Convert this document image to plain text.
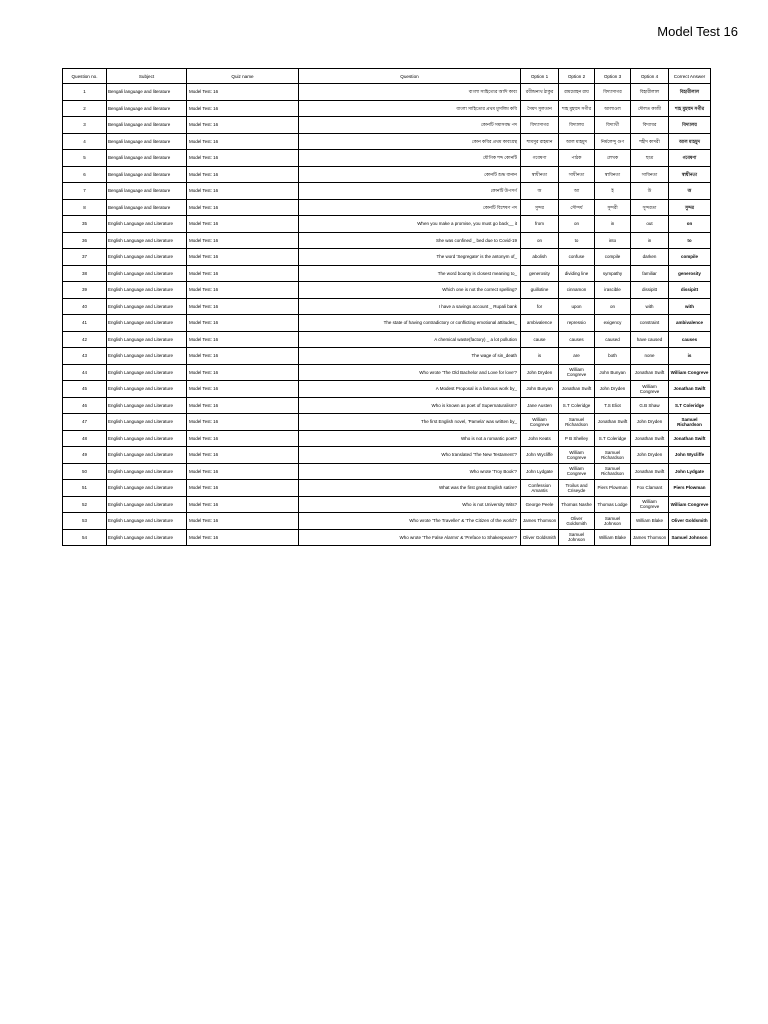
Model Test 16
Question no.	Subject	Quiz name	Question	Option 1	Option 2	Option 3	Option 4	Correct Answer
1	Bengali language and literature	Model Test: 16	বাংলা সাহিত্যের আদি কাব্য	রবীন্দ্রনাথ ঠাকুর	রামমোহন রায়	বিদ্যাসাগর	বিহারীলাল	বিহারীলাল
2	Bengali language and literature	Model Test: 16	বাংলা সাহিত্যের প্রথম মুসলিম কবি	সৈয়দ সুলতান	শাহ মুহম্মদ সগীর	আলাওল	দৌলত কাজী	শাহ মুহম্মদ সগীর
3	Bengali language and literature	Model Test: 16	কোনটি সমাসবদ্ধ পদ	বিদ্যাসাগর	বিদ্যালয়	বিদ্যার্থী	বিদ্যাধর	বিদ্যালয়
4	Bengali language and literature	Model Test: 16	কোন কবির প্রথম কাব্যগ্রন্থ	শামসুর রাহমান	আল মাহমুদ	নির্মলেন্দু গুণ	শহীদ কাদরী	আল মাহমুদ
5	Bengali language and literature	Model Test: 16	যৌগিক শব্দ কোনটি	গবেষণা	পাঠক	লেখক	ছাত্র	গবেষণা
6	Bengali language and literature	Model Test: 16	কোনটি শুদ্ধ বানান	স্বাধীনতা	সাধীনতা	স্বাধিনতা	সাধিনতা	স্বাধীনতা
7	Bengali language and literature	Model Test: 16	কোনটি উপসর্গ	অ	আ	ই	উ	অ
8	Bengali language and literature	Model Test: 16	কোনটি বিশেষণ পদ	সুন্দর	সৌন্দর্য	সুন্দরী	সুন্দরতা	সুন্দর
35	English Language and Literature	Model Test: 16	When you make a promise, you must go back__ it	from	on	in	out	on
36	English Language and Literature	Model Test: 16	She was confined _ bed due to Covid-19	on	to	into	in	to
37	English Language and Literature	Model Test: 16	The word 'Segregate' is the antonym of_	abolish	confuse	compile	darken	compile
38	English Language and Literature	Model Test: 16	The word bounty is closest meaning to_	generosity	dividing line	sympathy	familiar	generosity
39	English Language and Literature	Model Test: 16	Which one is not the correct spelling?	guillotine	cinnamon	irascible	dissipitt	dissipitt
40	English Language and Literature	Model Test: 16	I have a savings account _ Rupali bank	for	upon	on	with	with
41	English Language and Literature	Model Test: 16	The state of having contradictory or conflicting emotional attitudes_	ambivalence	repressio	exigency	constraint	ambivalence
42	English Language and Literature	Model Test: 16	A chemical waste(factory) _ a lot pollution	cause	causes	caused	have caused	causes
43	English Language and Literature	Model Test: 16	The wage of sin_death	is	are	both	none	is
44	English Language and Literature	Model Test: 16	Who wrote 'The Old Bachelor and Love for love'?	John Dryden	William Congreve	John Bunyan	Jonathan Swift	William Congreve
45	English Language and Literature	Model Test: 16	A Modest Proposal is a famous work by_	John Bunyan	Jonathan Swift	John Dryden	William Congreve	Jonathan Swift
46	English Language and Literature	Model Test: 16	Who is known as poet of Supernaturalism?	Jane Austen	S.T Coleridge	T.S Eliot	G.B Shaw	S.T Coleridge
47	English Language and Literature	Model Test: 16	The first English novel, 'Pamela' was written by_	William Congreve	Samuel Richardson	Jonathan Swift	John Dryden	Samuel Richardson
48	English Language and Literature	Model Test: 16	Who is not a romantic poet?	John Keats	P B Shelley	S.T Coleridge	Jonathan Swift	Jonathan Swift
49	English Language and Literature	Model Test: 16	Who translated 'The New Testament'?	John Wycliffe	William Congreve	Samuel Richardson	John Dryden	John Wycliffe
50	English Language and Literature	Model Test: 16	Who wrote 'Troy Book'?	John Lydgate	William Congreve	Samuel Richardson	Jonathan Swift	John Lydgate
51	English Language and Literature	Model Test: 16	What was the first great English satire?	Confession Amantis	Troilus and Criseyde	Piers Plowman	Fox Clamant	Piers Plowman
52	English Language and Literature	Model Test: 16	Who is not University Wits?	George Peele	Thomas Nashe	Thomas Lodge	William Congreve	William Congreve
53	English Language and Literature	Model Test: 16	Who wrote 'The Traveller' & 'The Citizen of the world'?	James Thomson	Oliver Goldsmith	Samuel Johnson	William Blake	Oliver Goldsmith
54	English Language and Literature	Model Test: 16	Who wrote 'The False Alarms' & 'Preface to Shakespeare'?	Oliver Goldsmith	Samuel Johnson	William Blake	James Thomson	Samuel Johnson
